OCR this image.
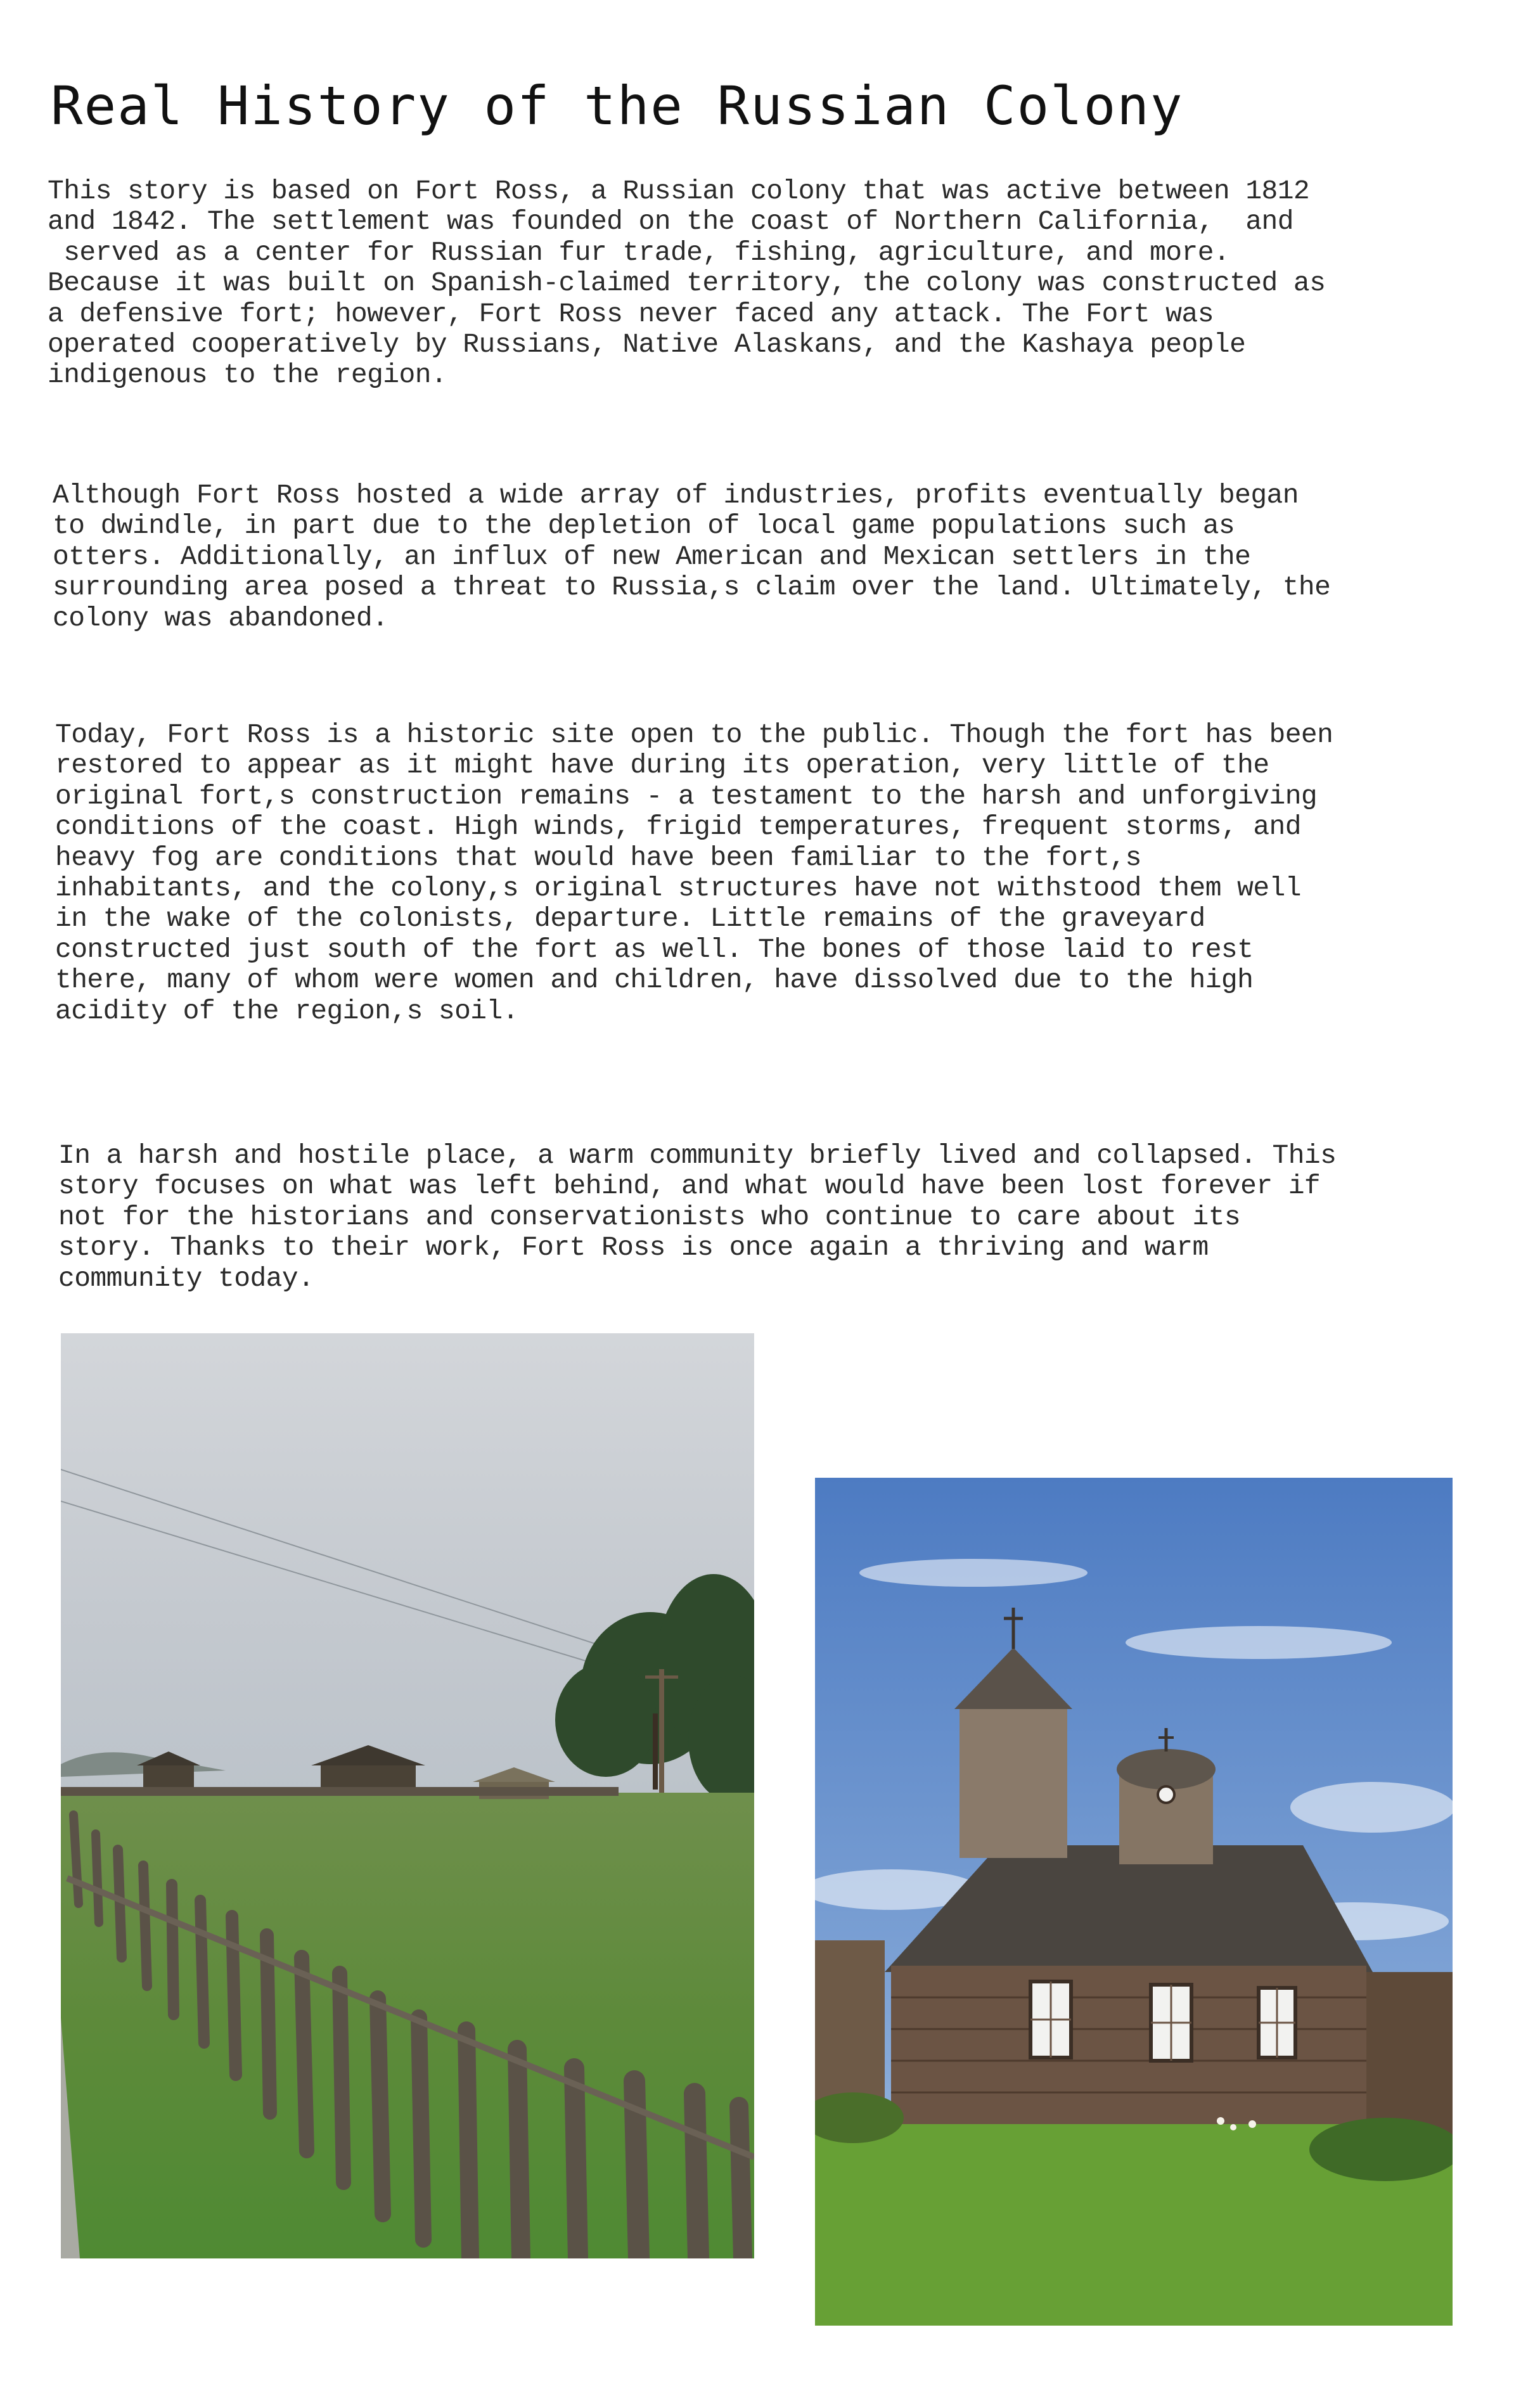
Real History of the Russian Colony

This story is based on Fort Ross, a Russian colony that was active between 1812
and 1842. The settlement was founded on the coast of Northern California,  and
served as a center for Russian fur trade, fishing, agriculture, and more.
Because it was built on Spanish-claimed territory, the colony was constructed as
a defensive fort; however, Fort Ross never faced any attack. The Fort was
operated cooperatively by Russians, Native Alaskans, and the Kashaya people
indigenous to the region.

Although Fort Ross hosted a wide array of industries, profits eventually began
to dwindle, in part due to the depletion of local game populations such as
otters. Additionally, an influx of new American and Mexican settlers in the
surrounding area posed a threat to Russia,s claim over the land. Ultimately, the
colony was abandoned.

Today, Fort Ross is a historic site open to the public. Though the fort has been
restored to appear as it might have during its operation, very little of the
original fort,s construction remains - a testament to the harsh and unforgiving
conditions of the coast. High winds, frigid temperatures, frequent storms, and
heavy fog are conditions that would have been familiar to the fort,s
inhabitants, and the colony,s original structures have not withstood them well
in the wake of the colonists, departure. Little remains of the graveyard
constructed just south of the fort as well. The bones of those laid to rest
there, many of whom were women and children, have dissolved due to the high
acidity of the region,s soil.

In a harsh and hostile place, a warm community briefly lived and collapsed. This
story focuses on what was left behind, and what would have been lost forever if
not for the historians and conservationists who continue to care about its
story. Thanks to their work, Fort Ross is once again a thriving and warm
community today.
